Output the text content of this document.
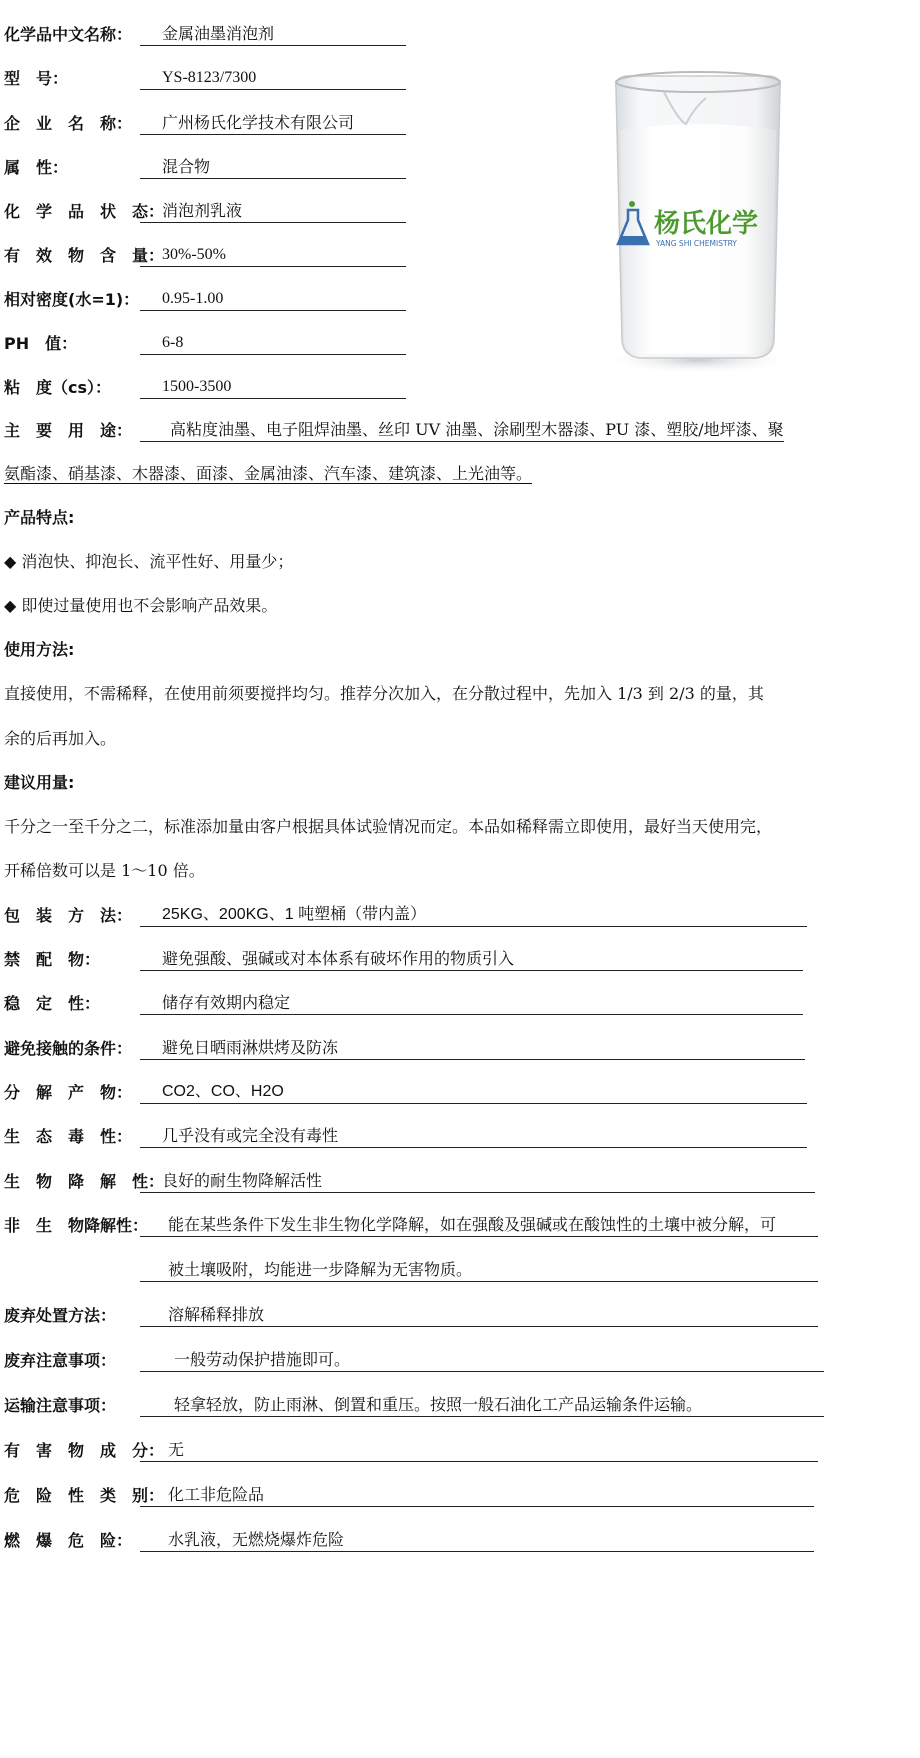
化学品中文名称：	金属油墨消泡剂
型　号：	YS-8123/7300
企　业　名　称：	广州杨氏化学技术有限公司
属　性：	混合物
化　学　品　状　态：
消泡剂乳液
有　效　物　含　量：
30%-50%
相对密度(水=1)：	0.95-1.00
PH　值：	6-8
粘　度（cs）：	1500-3500
杨氏化学
YANG SHI CHEMISTRY
主　要　用　途：	高粘度油墨、电子阻焊油墨、丝印 UV 油墨、涂刷型木器漆、PU 漆、塑胶/地坪漆、聚
氨酯漆、硝基漆、木器漆、面漆、金属油漆、汽车漆、建筑漆、上光油等。
产品特点:
◆ 消泡快、抑泡长、流平性好、用量少；
◆ 即使过量使用也不会影响产品效果。
使用方法:
直接使用，不需稀释，在使用前须要搅拌均匀。推荐分次加入，在分散过程中，先加入 1/3 到 2/3 的量，其
余的后再加入。
建议用量:
千分之一至千分之二，标准添加量由客户根据具体试验情况而定。本品如稀释需立即使用，最好当天使用完，
开稀倍数可以是 1～10 倍。
包　装　方　法：	25KG、200KG、1 吨塑桶（带内盖）
禁　配　物：	避免强酸、强碱或对本体系有破坏作用的物质引入
稳　定　性：	储存有效期内稳定
避免接触的条件：	避免日晒雨淋烘烤及防冻
分　解　产　物：	CO2、CO、H2O
生　态　毒　性：	几乎没有或完全没有毒性
生　物　降　解　性：
良好的耐生物降解活性
非　生　物降解性：	能在某些条件下发生非生物化学降解，如在强酸及强碱或在酸蚀性的土壤中被分解，可
被土壤吸附，均能进一步降解为无害物质。
废弃处置方法：	溶解稀释排放
废弃注意事项：	一般劳动保护措施即可。
运输注意事项：	轻拿轻放，防止雨淋、倒置和重压。按照一般石油化工产品运输条件运输。
有　害　物　成　分： 无
危　险　性　类　别： 化工非危险品
燃　爆　危　险：	水乳液，无燃烧爆炸危险
